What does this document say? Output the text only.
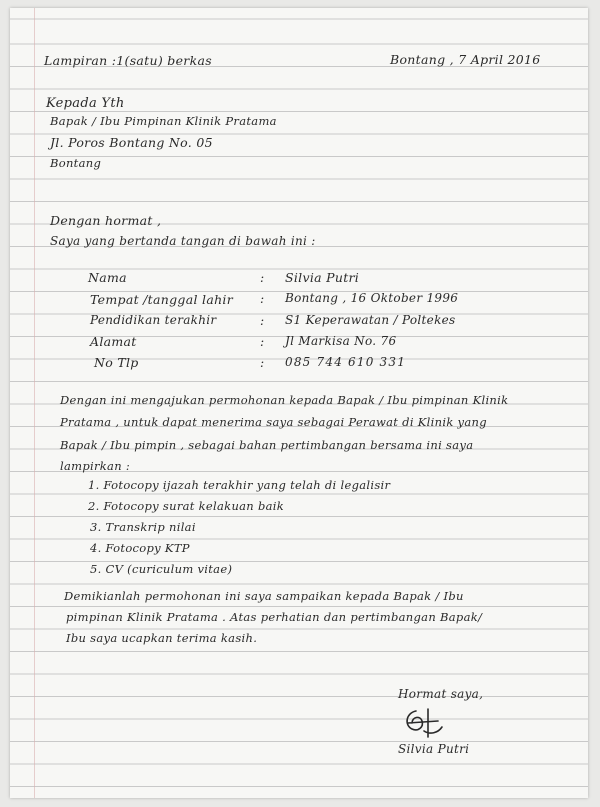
Lampiran :1(satu) berkas	Bontang , 7 April 2016
Kepada Yth
Bapak / Ibu Pimpinan Klinik Pratama
Jl. Poros Bontang No. 05
Bontang
Dengan hormat ,
Saya yang bertanda tangan di bawah ini :
Nama	: Silvia Putri
Tempat /tanggal lahir : Bontang , 16 Oktober 1996
Pendidikan terakhir	: S1 Keperawatan / Poltekes
Alamat	: Jl Markisa No. 76
No Tlp	: 085 744 610 331
Dengan ini mengajukan permohonan kepada Bapak / Ibu pimpinan Klinik
Pratama , untuk dapat menerima saya sebagai Perawat di Klinik yang
Bapak / Ibu pimpin , sebagai bahan pertimbangan bersama ini saya
lampirkan :
1. Fotocopy ijazah terakhir yang telah di legalisir
2. Fotocopy surat kelakuan baik
3. Transkrip nilai
4. Fotocopy KTP
5. CV (curiculum vitae)
Demikianlah permohonan ini saya sampaikan kepada Bapak / Ibu
pimpinan Klinik Pratama . Atas perhatian dan pertimbangan Bapak/
Ibu saya ucapkan terima kasih.
Hormat saya,
Silvia Putri
